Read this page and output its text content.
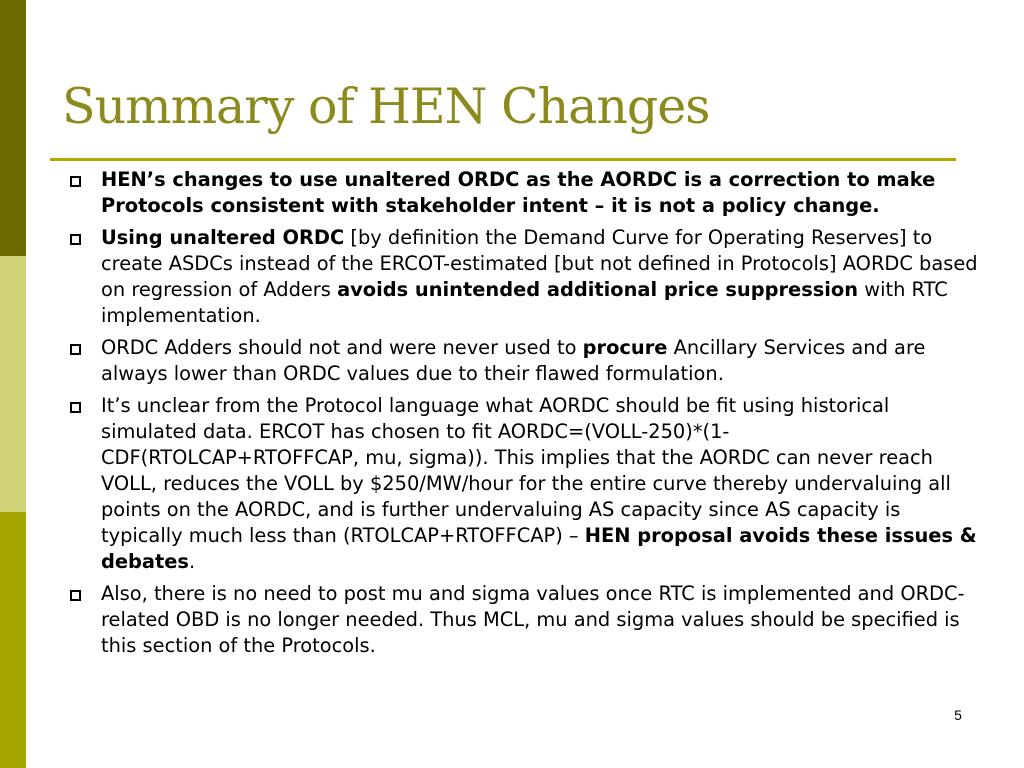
Summary of HEN Changes
HEN’s changes to use unaltered ORDC as the AORDC is a correction to make Protocols consistent with stakeholder intent – it is not a policy change.
Using unaltered ORDC [by definition the Demand Curve for Operating Reserves] to create ASDCs instead of the ERCOT-estimated [but not defined in Protocols] AORDC based on regression of Adders avoids unintended additional price suppression with RTC implementation.
ORDC Adders should not and were never used to procure Ancillary Services and are always lower than ORDC values due to their flawed formulation.
It’s unclear from the Protocol language what AORDC should be fit using historical simulated data. ERCOT has chosen to fit AORDC=(VOLL-250)*(1-CDF(RTOLCAP+RTOFFCAP, mu, sigma)). This implies that the AORDC can never reach VOLL, reduces the VOLL by $250/MW/hour for the entire curve thereby undervaluing all points on the AORDC, and is further undervaluing AS capacity since AS capacity is typically much less than (RTOLCAP+RTOFFCAP) – HEN proposal avoids these issues & debates.
Also, there is no need to post mu and sigma values once RTC is implemented and ORDC-related OBD is no longer needed. Thus MCL, mu and sigma values should be specified is this section of the Protocols.
5
